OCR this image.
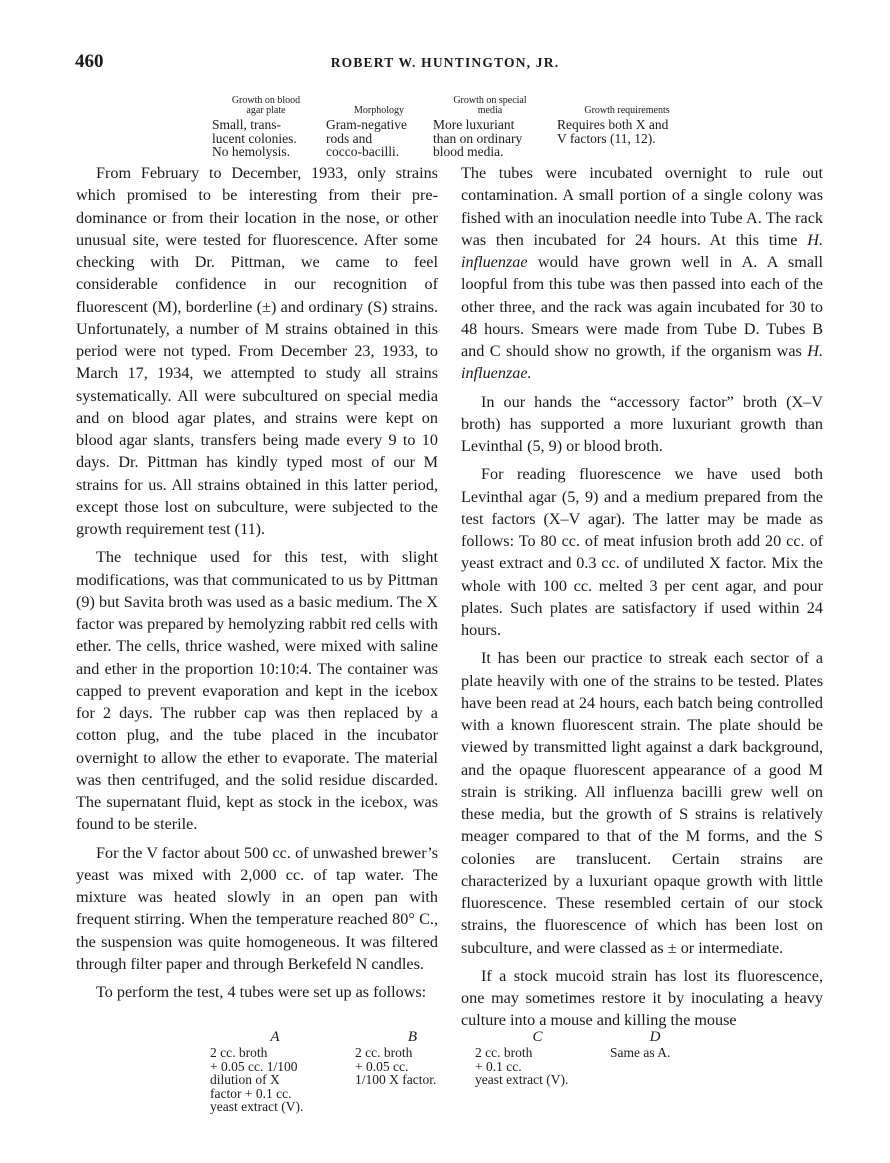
460	ROBERT W. HUNTINGTON, JR.
Growth on blood
agar plate
Small, trans-
lucent colonies.
No hemolysis.
Morphology
Gram-negative
rods and
cocco-bacilli.
Growth on special
media
More luxuriant
than on ordinary
blood media.
Growth requirements
Requires both X and
V factors (11, 12).

From February to December, 1933, only strains which promised to be interesting from their predominance or from their location in the nose, or other unusual site, were tested for fluorescence. After some checking with Dr. Pittman, we came to feel considerable confidence in our recognition of fluorescent (M), borderline (±) and ordinary (S) strains. Unfortunately, a number of M strains obtained in this period were not typed. From December 23, 1933, to March 17, 1934, we attempted to study all strains systematically. All were subcultured on special media and on blood agar plates, and strains were kept on blood agar slants, transfers being made every 9 to 10 days. Dr. Pittman has kindly typed most of our M strains for us. All strains obtained in this latter period, except those lost on subculture, were subjected to the growth requirement test (11).

The technique used for this test, with slight modifications, was that communicated to us by Pittman (9) but Savita broth was used as a basic medium. The X factor was prepared by hemolyzing rabbit red cells with ether. The cells, thrice washed, were mixed with saline and ether in the proportion 10:10:4. The container was capped to prevent evaporation and kept in the icebox for 2 days. The rubber cap was then replaced by a cotton plug, and the tube placed in the incubator overnight to allow the ether to evaporate. The material was then centrifuged, and the solid residue discarded. The supernatant fluid, kept as stock in the icebox, was found to be sterile.

For the V factor about 500 cc. of unwashed brewer’s yeast was mixed with 2,000 cc. of tap water. The mixture was heated slowly in an open pan with frequent stirring. When the temperature reached 80° C., the suspension was quite homogeneous. It was filtered through filter paper and through Berkefeld N candles.

To perform the test, 4 tubes were set up as follows:

The tubes were incubated overnight to rule out contamination. A small portion of a single colony was fished with an inoculation needle into Tube A. The rack was then incubated for 24 hours. At this time H. influenzae would have grown well in A. A small loopful from this tube was then passed into each of the other three, and the rack was again incubated for 30 to 48 hours. Smears were made from Tube D. Tubes B and C should show no growth, if the organism was H. influenzae.

In our hands the “accessory factor” broth (X–V broth) has supported a more luxuriant growth than Levinthal (5, 9) or blood broth.

For reading fluorescence we have used both Levinthal agar (5, 9) and a medium prepared from the test factors (X–V agar). The latter may be made as follows: To 80 cc. of meat infusion broth add 20 cc. of yeast extract and 0.3 cc. of undiluted X factor. Mix the whole with 100 cc. melted 3 per cent agar, and pour plates. Such plates are satisfactory if used within 24 hours.

It has been our practice to streak each sector of a plate heavily with one of the strains to be tested. Plates have been read at 24 hours, each batch being controlled with a known fluorescent strain. The plate should be viewed by transmitted light against a dark background, and the opaque fluorescent appearance of a good M strain is striking. All influenza bacilli grew well on these media, but the growth of S strains is relatively meager compared to that of the M forms, and the S colonies are translucent. Certain strains are characterized by a luxuriant opaque growth with little fluorescence. These resembled certain of our stock strains, the fluorescence of which has been lost on subculture, and were classed as ± or intermediate.

If a stock mucoid strain has lost its fluorescence, one may sometimes restore it by inoculating a heavy culture into a mouse and killing the mouse

A
2 cc. broth
+ 0.05 cc. 1/100
dilution of X
factor + 0.1 cc.
yeast extract (V).
B
2 cc. broth
+ 0.05 cc.
1/100 X factor.
C
2 cc. broth
+ 0.1 cc.
yeast extract (V).
D
Same as A.
